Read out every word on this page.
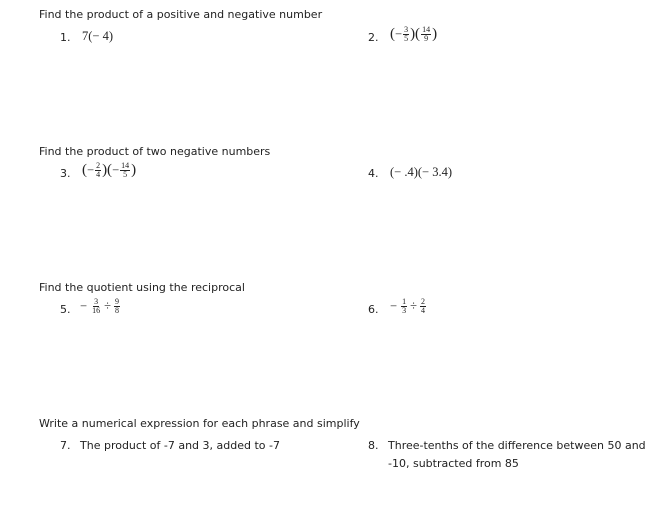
Find the product of a positive and negative number
Find the product of two negative numbers
Find the quotient using the reciprocal
Write a numerical expression for each phrase and simplify
1. 7(− 4)	2. ( − $\frac{3}{5}$ )( $\frac{14}{9}$ )
3. ( − $\frac{2}{4}$ )( − $\frac{14}{5}$ )	4. (− .4)(− 3.4)
5. − $\frac{3}{16} \div \frac{9}{8}$	6. − $\frac{1}{3} \div \frac{2}{4}$
7. The product of -7 and 3, added to -7	8. Three-tenths of the difference between 50 and
-10, subtracted from 85
